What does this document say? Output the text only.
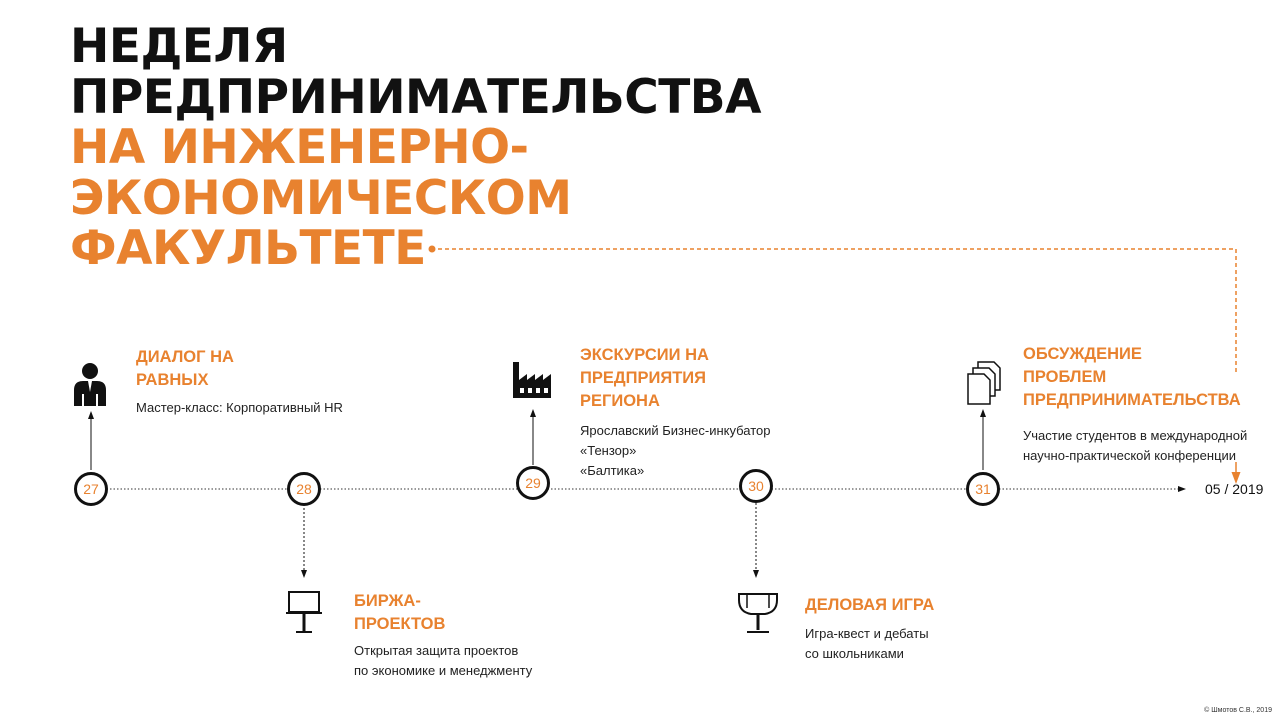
НЕДЕЛЯ
ПРЕДПРИНИМАТЕЛЬСТВА
НА ИНЖЕНЕРНО-
ЭКОНОМИЧЕСКОМ
ФАКУЛЬТЕТЕ
27	28	29	30	31	05 / 2019
ДИАЛОГ НА
РАВНЫХ
Мастер-класс: Корпоративный HR
БИРЖА-
ПРОЕКТОВ
Открытая защита проектов
по экономике и менеджменту
ЭКСКУРСИИ НА
ПРЕДПРИЯТИЯ
РЕГИОНА
Ярославский Бизнес-инкубатор
«Тензор»
«Балтика»
ДЕЛОВАЯ ИГРА
Игра-квест и дебаты
со школьниками
ОБСУЖДЕНИЕ
ПРОБЛЕМ
ПРЕДПРИНИМАТЕЛЬСТВА
Участие студентов в международной
научно-практической конференции
© Шмотов С.В., 2019
